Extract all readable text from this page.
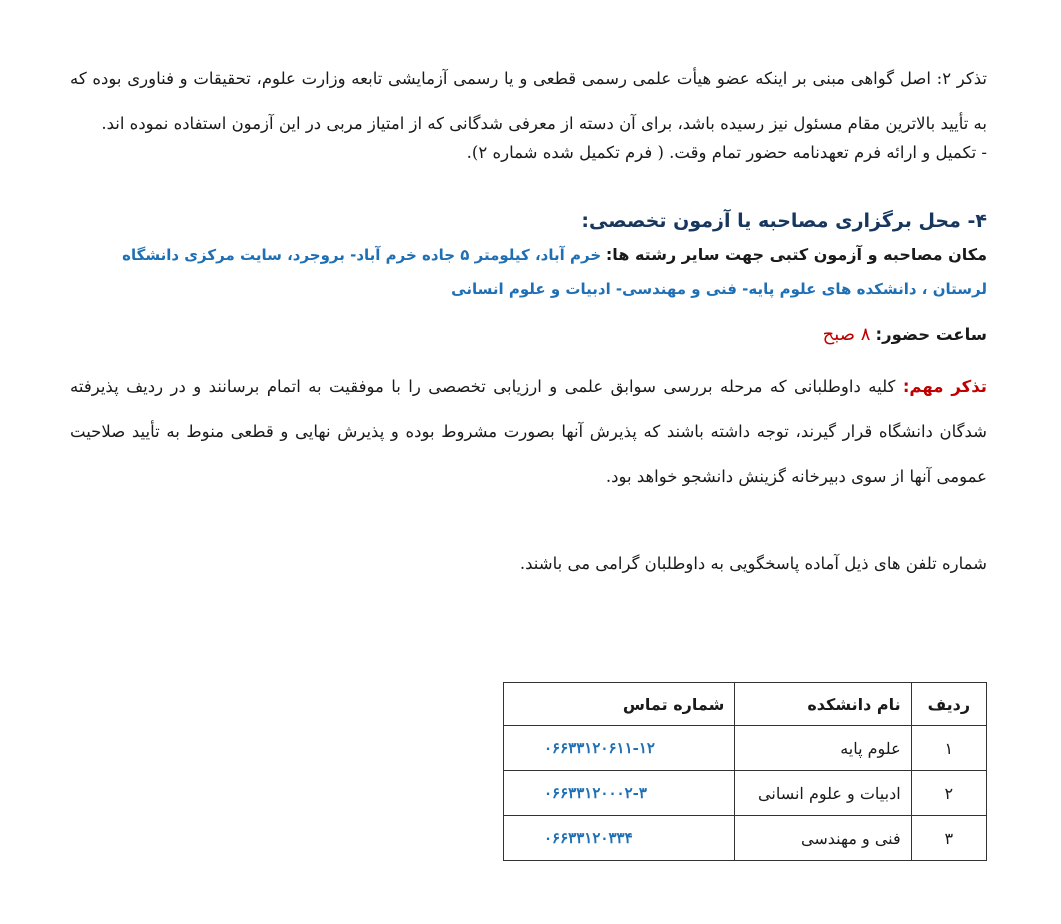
تذکر ۲: اصل گواهی مبنی بر اینکه عضو هیأت علمی رسمی قطعی و یا رسمی آزمایشی تابعه وزارت علوم، تحقیقات و فناوری بوده که به تأیید بالاترین مقام مسئول نیز رسیده باشد، برای آن دسته از معرفی شدگانی که از امتیاز مربی در این آزمون استفاده نموده اند.

- تکمیل و ارائه فرم تعهدنامه حضور تمام وقت. ( فرم تکمیل شده شماره ۲).

۴- محل برگزاری مصاحبه یا آزمون تخصصی:

مکان مصاحبه و آزمون کتبی جهت سایر رشته ها: خرم آباد، کیلومتر ۵ جاده خرم آباد- بروجرد، سایت مرکزی دانشگاه لرستان ، دانشکده های علوم پایه- فنی و مهندسی- ادبیات و علوم انسانی

ساعت حضور: ۸ صبح

تذکر مهم: کلیه داوطلبانی که مرحله بررسی سوابق علمی و ارزیابی تخصصی را با موفقیت به اتمام برسانند و در ردیف پذیرفته شدگان دانشگاه قرار گیرند، توجه داشته باشند که پذیرش آنها بصورت مشروط بوده و پذیرش نهایی و قطعی منوط به تأیید صلاحیت عمومی آنها از سوی دبیرخانه گزینش دانشجو خواهد بود.

شماره تلفن های ذیل آماده پاسخگویی به داوطلبان گرامی می باشند.

ردیف	نام دانشکده	شماره تماس
۱	علوم پایه	۰۶۶۳۳۱۲۰۶۱۱-۱۲
۲	ادبیات و علوم انسانی	۰۶۶۳۳۱۲۰۰۰۲-۳
۳	فنی و مهندسی	۰۶۶۳۳۱۲۰۳۳۴
